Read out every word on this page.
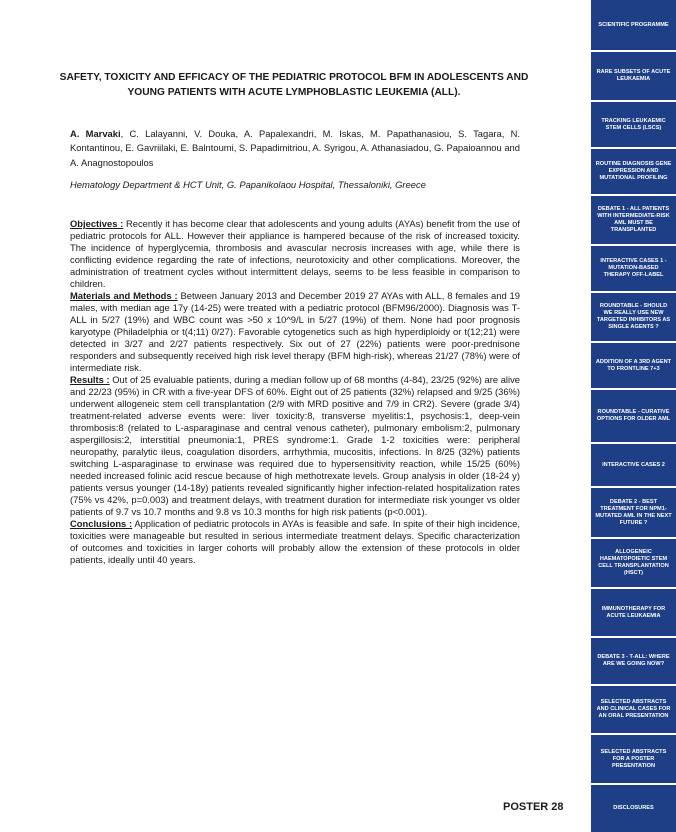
SAFETY, TOXICITY AND EFFICACY OF THE PEDIATRIC PROTOCOL BFM IN ADOLESCENTS AND YOUNG PATIENTS WITH ACUTE LYMPHOBLASTIC LEUKEMIA (ALL).
A. Marvaki, C. Lalayanni, V. Douka, A. Papalexandri, M. Iskas, M. Papathanasiou, S. Tagara, N. Kontantinou, E. Gavriilaki, E. Balntoumi, S. Papadimitriou, A. Syrigou, A. Athanasiadou, G. Papaioannou and A. Anagnostopoulos
Hematology Department & HCT Unit, G. Papanikolaou Hospital, Thessaloniki, Greece

Objectives : Recently it has become clear that adolescents and young adults (AYAs) benefit from the use of pediatric protocols for ALL. However their appliance is hampered because of the risk of increased toxicity. The incidence of hyperglycemia, thrombosis and avascular necrosis increases with age, while there is conflicting evidence regarding the rate of infections, neurotoxicity and other complications. Moreover, the administration of treatment cycles without intermittent delays, seems to be less feasible in comparison to children.

Materials and Methods : Between January 2013 and December 2019 27 AYAs with ALL, 8 females and 19 males, with median age 17y (14-25) were treated with a pediatric protocol (BFM96/2000). Diagnosis was T-ALL in 5/27 (19%) and WBC count was >50 x 10^9/L in 5/27 (19%) of them. None had poor prognosis karyotype (Philadelphia or t(4;11) 0/27). Favorable cytogenetics such as high hyperdiploidy or t(12;21) were detected in 3/27 and 2/27 patients respectively. Six out of 27 (22%) patients were poor-prednisone responders and subsequently received high risk level therapy (BFM high-risk), whereas 21/27 (78%) were of intermediate risk.

Results : Out of 25 evaluable patients, during a median follow up of 68 months (4-84), 23/25 (92%) are alive and 22/23 (95%) in CR with a five-year DFS of 60%. Eight out of 25 patients (32%) relapsed and 9/25 (36%) underwent allogeneic stem cell transplantation (2/9 with MRD positive and 7/9 in CR2). Severe (grade 3/4) treatment-related adverse events were: liver toxicity:8, transverse myelitis:1, psychosis:1, deep-vein thrombosis:8 (related to L-asparaginase and central venous catheter), pulmonary embolism:2, pulmonary aspergillosis:2, interstitial pneumonia:1, PRES syndrome:1. Grade 1-2 toxicities were: peripheral neuropathy, paralytic ileus, coagulation disorders, arrhythmia, mucositis, infections. In 8/25 (32%) patients switching L-asparaginase to erwinase was required due to hypersensitivity reaction, while 15/25 (60%) needed increased folinic acid rescue because of high methotrexate levels. Group analysis in older (18-24 y) patients versus younger (14-18y) patients revealed significantly higher infection-related hospitalization rates (75% vs 42%, p=0.003) and treatment delays, with treatment duration for intermediate risk younger vs older patients of 9.7 vs 10.7 months and 9.8 vs 10.3 months for high risk patients (p<0.001).

Conclusions : Application of pediatric protocols in AYAs is feasible and safe. In spite of their high incidence, toxicities were manageable but resulted in serious intermediate treatment delays. Specific characterization of outcomes and toxicities in larger cohorts will probably allow the extension of these protocols in older patients, ideally until 40 years.

POSTER 28
SCIENTIFIC PROGRAMME
RARE SUBSETS OF ACUTE LEUKAEMIA
TRACKING LEUKAEMIC STEM CELLS (LSCS)
ROUTINE DIAGNOSIS GENE EXPRESSION AND MUTATIONAL PROFILING
DEBATE 1 - ALL PATIENTS WITH INTERMEDIATE-RISK AML MUST BE TRANSPLANTED
INTERACTIVE CASES 1 - MUTATION-BASED THERAPY OFF-LABEL
ROUNDTABLE - SHOULD WE REALLY USE NEW TARGETED INHIBITORS AS SINGLE AGENTS ?
ADDITION OF A 3RD AGENT TO FRONTLINE 7+3
ROUNDTABLE - CURATIVE OPTIONS FOR OLDER AML
INTERACTIVE CASES 2
DEBATE 2 - BEST TREATMENT FOR NPM1-MUTATED AML IN THE NEXT FUTURE ?
ALLOGENEIC HAEMATOPOIETIC STEM CELL TRANSPLANTATION (HSCT)
IMMUNOTHERAPY FOR ACUTE LEUKAEMIA
DEBATE 3 - T-ALL: WHERE ARE WE GOING NOW?
SELECTED ABSTRACTS AND CLINICAL CASES FOR AN ORAL PRESENTATION
SELECTED ABSTRACTS FOR A POSTER PRESENTATION
DISCLOSURES
